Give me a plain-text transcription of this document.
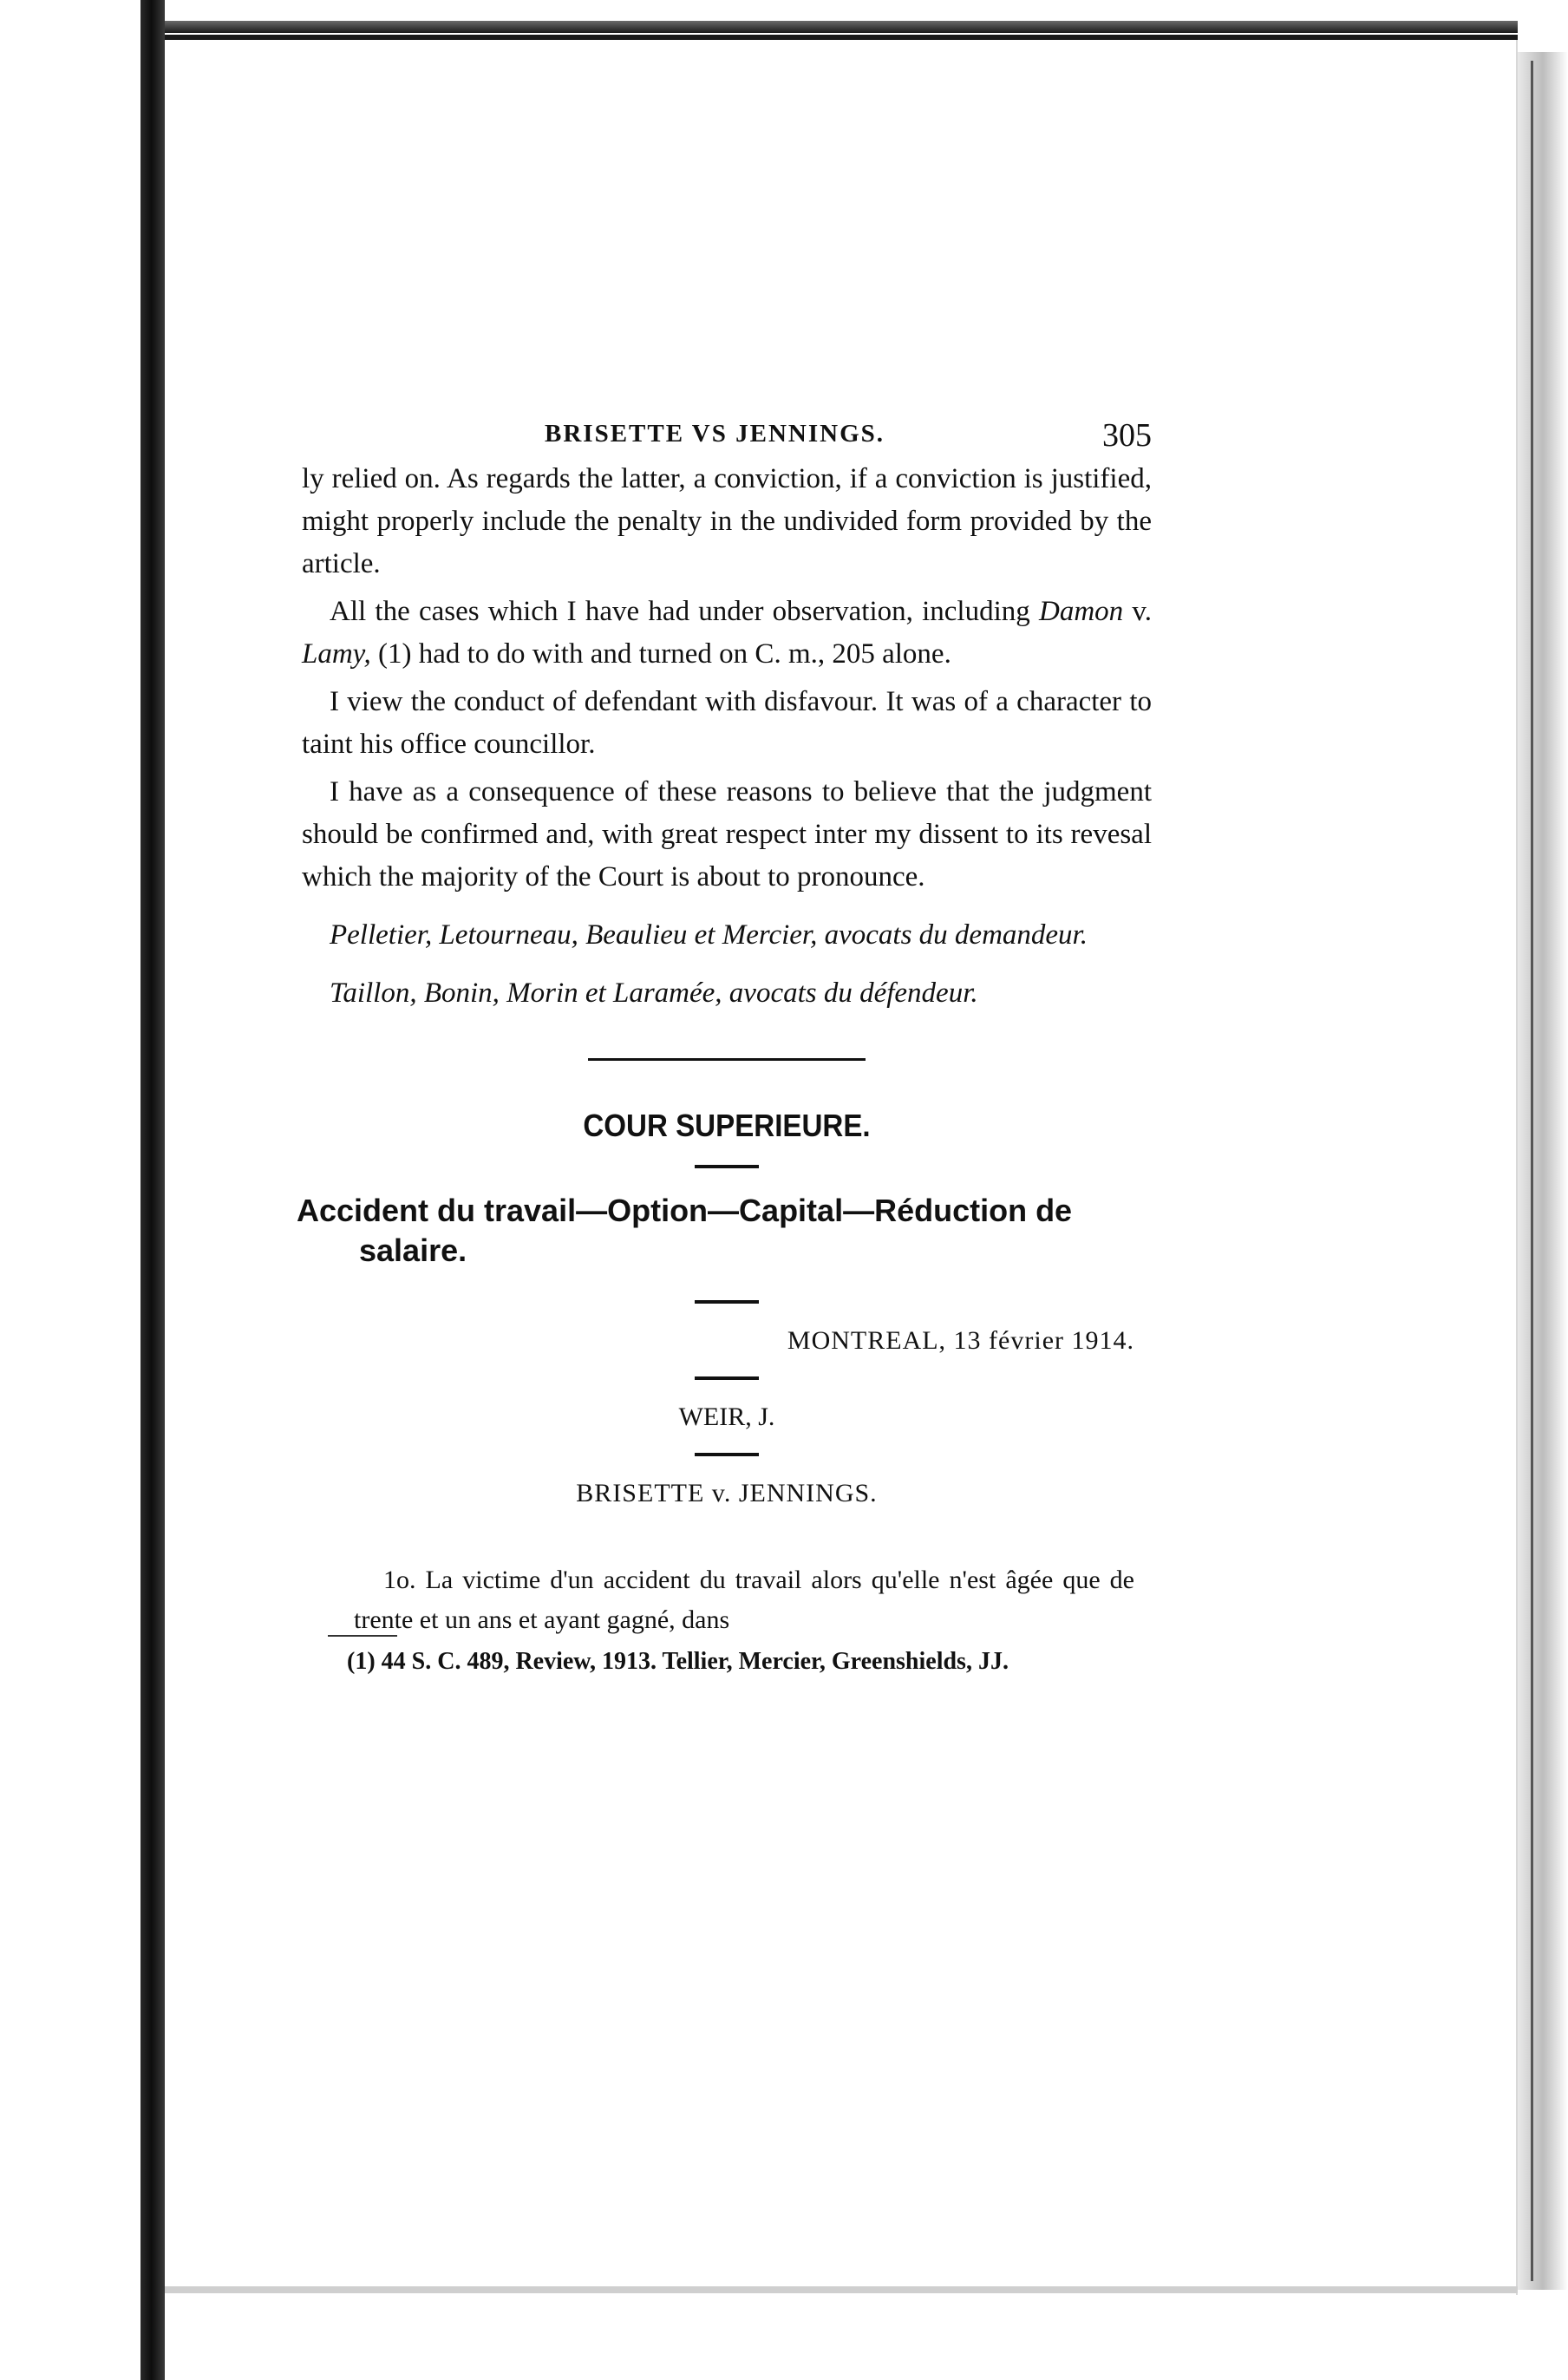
BRISETTE VS JENNINGS.	305

ly relied on. As regards the latter, a conviction, if a conviction is justified, might properly include the penalty in the undivided form provided by the article.

All the cases which I have had under observation, including Damon v. Lamy, (1) had to do with and turned on C. m., 205 alone.

I view the conduct of defendant with disfavour. It was of a character to taint his office councillor.

I have as a consequence of these reasons to believe that the judgment should be confirmed and, with great respect inter my dissent to its revesal which the majority of the Court is about to pronounce.

Pelletier, Letourneau, Beaulieu et Mercier, avocats du demandeur.

Taillon, Bonin, Morin et Laramée, avocats du défendeur.

COUR SUPERIEURE.

Accident du travail—Option—Capital—Réduction de salaire.

MONTREAL, 13 février 1914.

WEIR, J.

BRISETTE v. JENNINGS.

1o. La victime d'un accident du travail alors qu'elle n'est âgée que de trente et un ans et ayant gagné, dans

(1) 44 S. C. 489, Review, 1913. Tellier, Mercier, Greenshields, JJ.
